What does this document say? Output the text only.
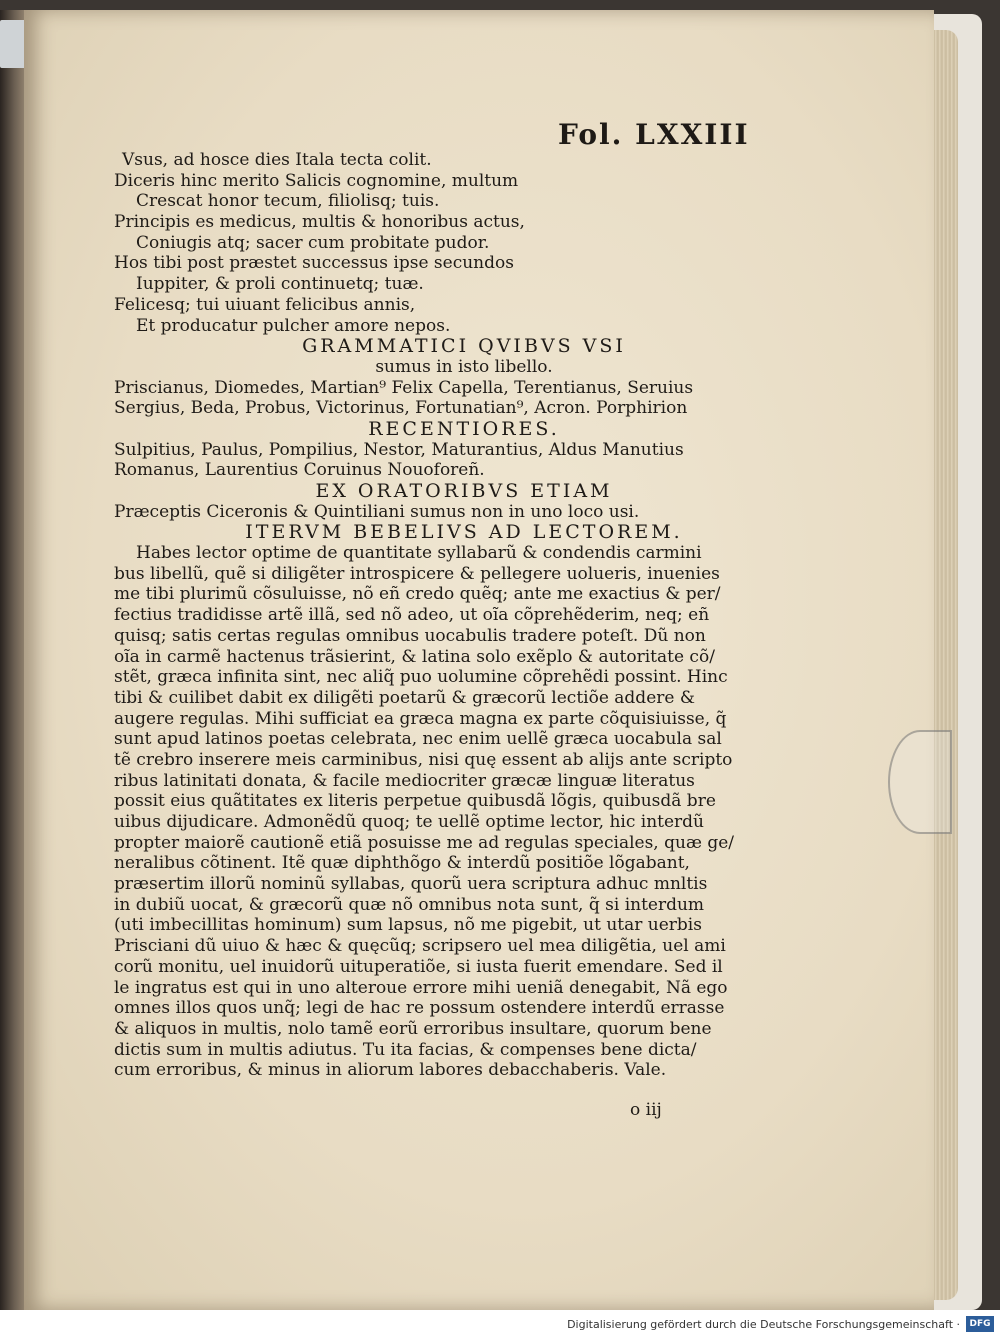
Fol. LXXIII
Vsus, ad hosce dies Itala tecta colit.
Diceris hinc merito Salicis cognomine, multum
Crescat honor tecum, filiolisq; tuis.
Principis es medicus, multis & honoribus actus,
Coniugis atq; sacer cum probitate pudor.
Hos tibi post præstet successus ipse secundos
Iuppiter, & proli continuetq; tuæ.
Felicesq; tui uiuant felicibus annis,
Et producatur pulcher amore nepos.
GRAMMATICI QVIBVS VSI
sumus in isto libello.
Priscianus, Diomedes, Martian⁹ Felix Capella, Terentianus, Seruius
Sergius, Beda, Probus, Victorinus, Fortunatian⁹, Acron. Porphirion
RECENTIORES.
Sulpitius, Paulus, Pompilius, Nestor, Maturantius, Aldus Manutius
Romanus, Laurentius Coruinus Nouoforeñ.
EX ORATORIBVS ETIAM
Præceptis Ciceronis & Quintiliani sumus non in uno loco usi.
ITERVM BEBELIVS AD LECTOREM.
Habes lector optime de quantitate syllabarũ & condendis carmini
bus libellũ, quẽ si diligẽter introspicere & pellegere uolueris, inuenies
me tibi plurimũ cõsuluisse, nõ eñ credo quẽq; ante me exactius & per/
fectius tradidisse artẽ illã, sed nõ adeo, ut oĩa cõprehẽderim, neq; eñ
quisq; satis certas regulas omnibus uocabulis tradere poteſt. Dũ non
oĩa in carmẽ hactenus trãsierint, & latina solo exẽplo & autoritate cõ/
stẽt, græca infinita sint, nec aliq̃ puo uolumine cõprehẽdi possint. Hinc
tibi & cuilibet dabit ex diligẽti poetarũ & græcorũ lectiõe addere &
augere regulas. Mihi sufficiat ea græca magna ex parte cõquisiuisse, q̃
sunt apud latinos poetas celebrata, nec enim uellẽ græca uocabula sal
tẽ crebro inserere meis carminibus, nisi quę essent ab alijs ante scripto
ribus latinitati donata, & facile mediocriter græcæ linguæ literatus
possit eius quãtitates ex literis perpetue quibusdã lõgis, quibusdã bre
uibus dijudicare. Admonẽdũ quoq; te uellẽ optime lector, hic interdũ
propter maiorẽ cautionẽ etiã posuisse me ad regulas speciales, quæ ge/
neralibus cõtinent. Itẽ quæ diphthõgo & interdũ positiõe lõgabant,
præsertim illorũ nominũ syllabas, quorũ uera scriptura adhuc mnltis
in dubiũ uocat, & græcorũ quæ nõ omnibus nota sunt, q̃ si interdum
(uti imbecillitas hominum) sum lapsus, nõ me pigebit, ut utar uerbis
Prisciani dũ uiuo & hæc & quęcũq; scripsero uel mea diligẽtia, uel ami
corũ monitu, uel inuidorũ uituperatiõe, si iusta fuerit emendare. Sed il
le ingratus est qui in uno alteroue errore mihi ueniã denegabit, Nã ego
omnes illos quos unq̃; legi de hac re possum ostendere interdũ errasse
& aliquos in multis, nolo tamẽ eorũ erroribus insultare, quorum bene
dictis sum in multis adiutus. Tu ita facias, & compenses bene dicta/
cum erroribus, & minus in aliorum labores debacchaberis. Vale.
o iij
Digitalisierung gefördert durch die Deutsche Forschungsgemeinschaft ·	DFG
